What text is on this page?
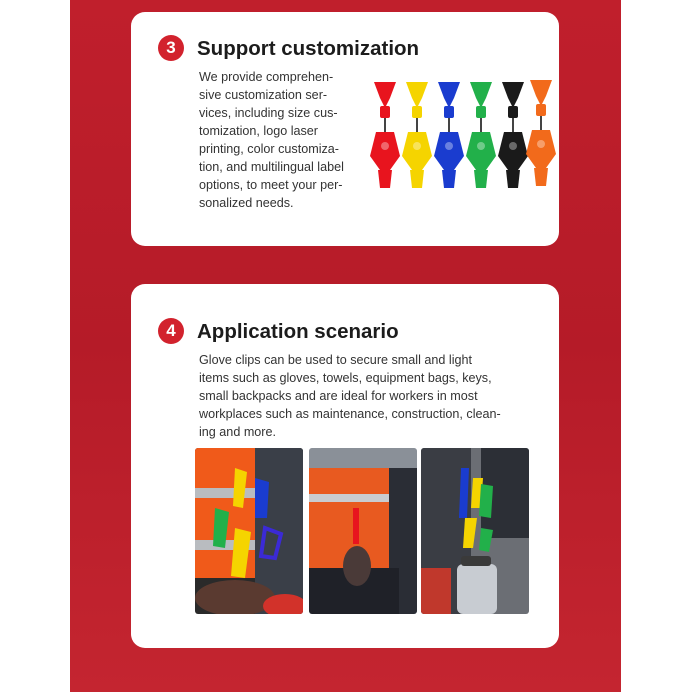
3	Support customization
We provide comprehen-
sive customization ser-
vices, including size cus-
tomization, logo laser
printing, color customiza-
tion, and multilingual label
options, to meet your per-
sonalized needs.
4	Application scenario
Glove clips can be used to secure small and light
items such as gloves, towels, equipment bags, keys,
small backpacks and are ideal for workers in most
workplaces such as maintenance, construction, clean-
ing and more.
